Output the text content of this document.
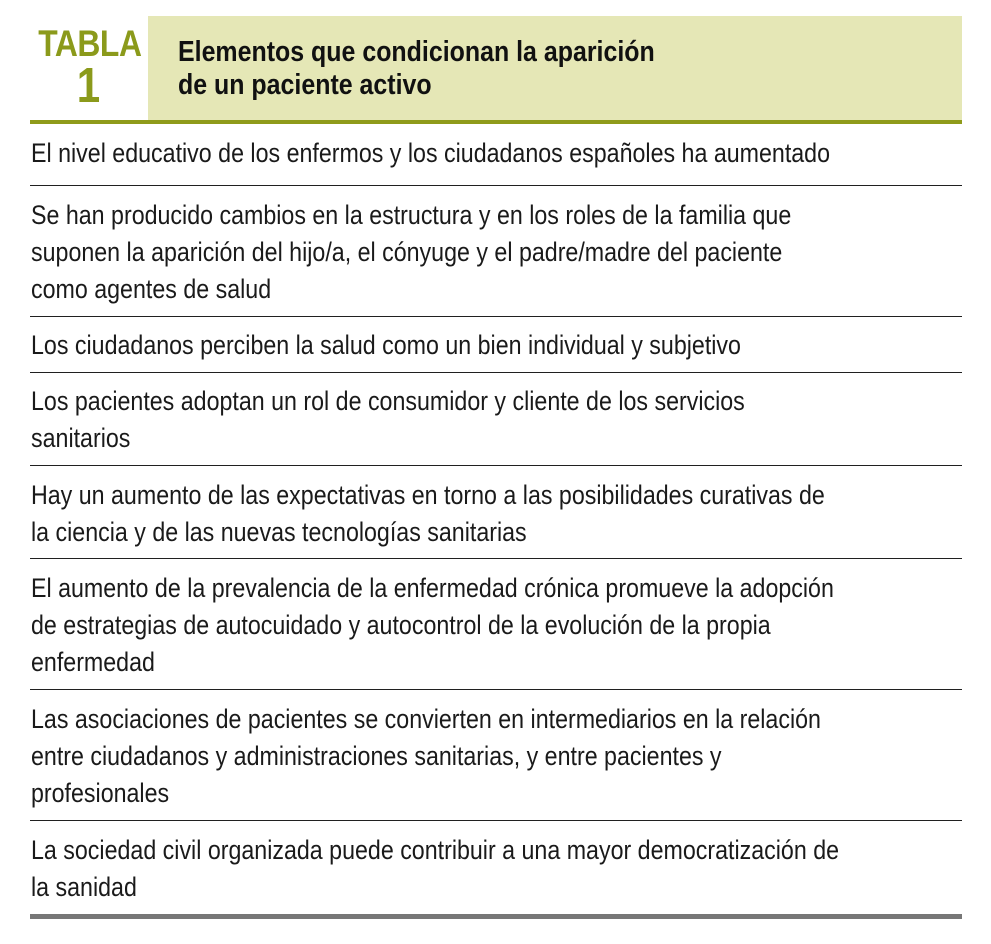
TABLA
1
Elementos que condicionan la aparición
de un paciente activo
El nivel educativo de los enfermos y los ciudadanos españoles ha aumentado
Se han producido cambios en la estructura y en los roles de la familia que
suponen la aparición del hijo/a, el cónyuge y el padre/madre del paciente
como agentes de salud
Los ciudadanos perciben la salud como un bien individual y subjetivo
Los pacientes adoptan un rol de consumidor y cliente de los servicios
sanitarios
Hay un aumento de las expectativas en torno a las posibilidades curativas de
la ciencia y de las nuevas tecnologías sanitarias
El aumento de la prevalencia de la enfermedad crónica promueve la adopción
de estrategias de autocuidado y autocontrol de la evolución de la propia
enfermedad
Las asociaciones de pacientes se convierten en intermediarios en la relación
entre ciudadanos y administraciones sanitarias, y entre pacientes y
profesionales
La sociedad civil organizada puede contribuir a una mayor democratización de
la sanidad
